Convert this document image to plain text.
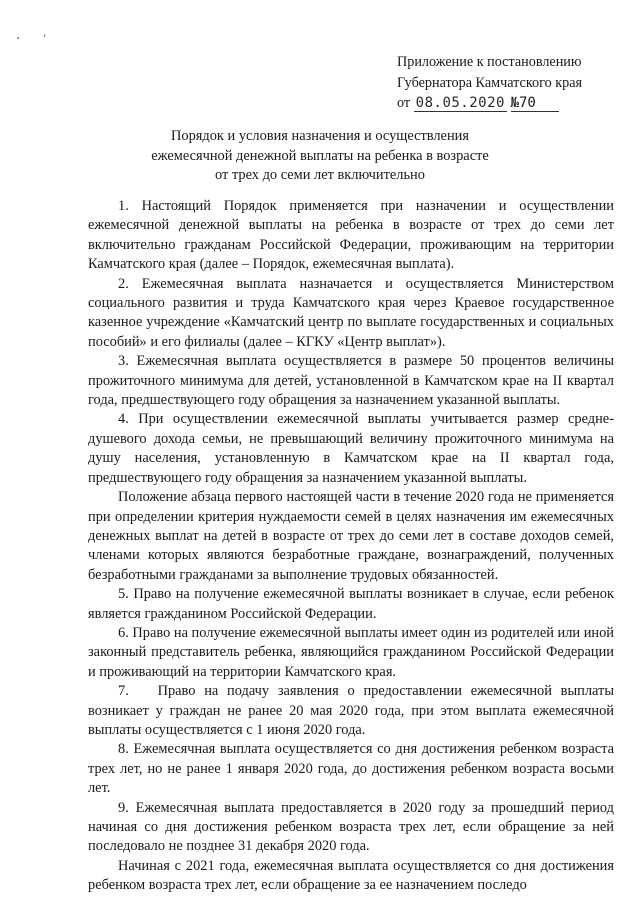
Приложение к постановлению
Губернатора Камчатского края
от 08.05.2020 №70
Порядок и условия назначения и осуществления
ежемесячной денежной выплаты на ребенка в возрасте
от трех до семи лет включительно

1. Настоящий Порядок применяется при назначении и осуществлении ежемесячной денежной выплаты на ребенка в возрасте от трех до семи лет включительно гражданам Российской Федерации, проживающим на территории Камчатского края (далее – Порядок, ежемесячная выплата).

2. Ежемесячная выплата назначается и осуществляется Министерством социального развития и труда Камчатского края через Краевое государственное казенное учреждение «Камчатский центр по выплате государственных и социальных пособий» и его филиалы (далее – КГКУ «Центр выплат»).

3. Ежемесячная выплата осуществляется в размере 50 процентов величины прожиточного минимума для детей, установленной в Камчатском крае на II квартал года, предшествующего году обращения за назначением указанной выплаты.

4. При осуществлении ежемесячной выплаты учитывается размер среднедушевого дохода семьи, не превышающий величину прожиточного минимума на душу населения, установленную в Камчатском крае на II квартал года, предшествующего году обращения за назначением указанной выплаты.

Положение абзаца первого настоящей части в течение 2020 года не применяется при определении критерия нуждаемости семей в целях назначения им ежемесячных денежных выплат на детей в возрасте от трех до семи лет в составе доходов семей, членами которых являются безработные граждане, вознаграждений, полученных безработными гражданами за выполнение трудовых обязанностей.

5. Право на получение ежемесячной выплаты возникает в случае, если ребенок является гражданином Российской Федерации.

6. Право на получение ежемесячной выплаты имеет один из родителей или иной законный представитель ребенка, являющийся гражданином Российской Федерации и проживающий на территории Камчатского края.

7.  Право на подачу заявления о предоставлении ежемесячной выплаты возникает у граждан не ранее 20 мая 2020 года, при этом выплата ежемесячной выплаты осуществляется с 1 июня 2020 года.

8. Ежемесячная выплата осуществляется со дня достижения ребенком возраста трех лет, но не ранее 1 января 2020 года, до достижения ребенком возраста восьми лет.

9. Ежемесячная выплата предоставляется в 2020 году за прошедший период начиная со дня достижения ребенком возраста трех лет, если обращение за ней последовало не позднее 31 декабря 2020 года.

Начиная с 2021 года, ежемесячная выплата осуществляется со дня достижения ребенком возраста трех лет, если обращение за ее назначением последо
